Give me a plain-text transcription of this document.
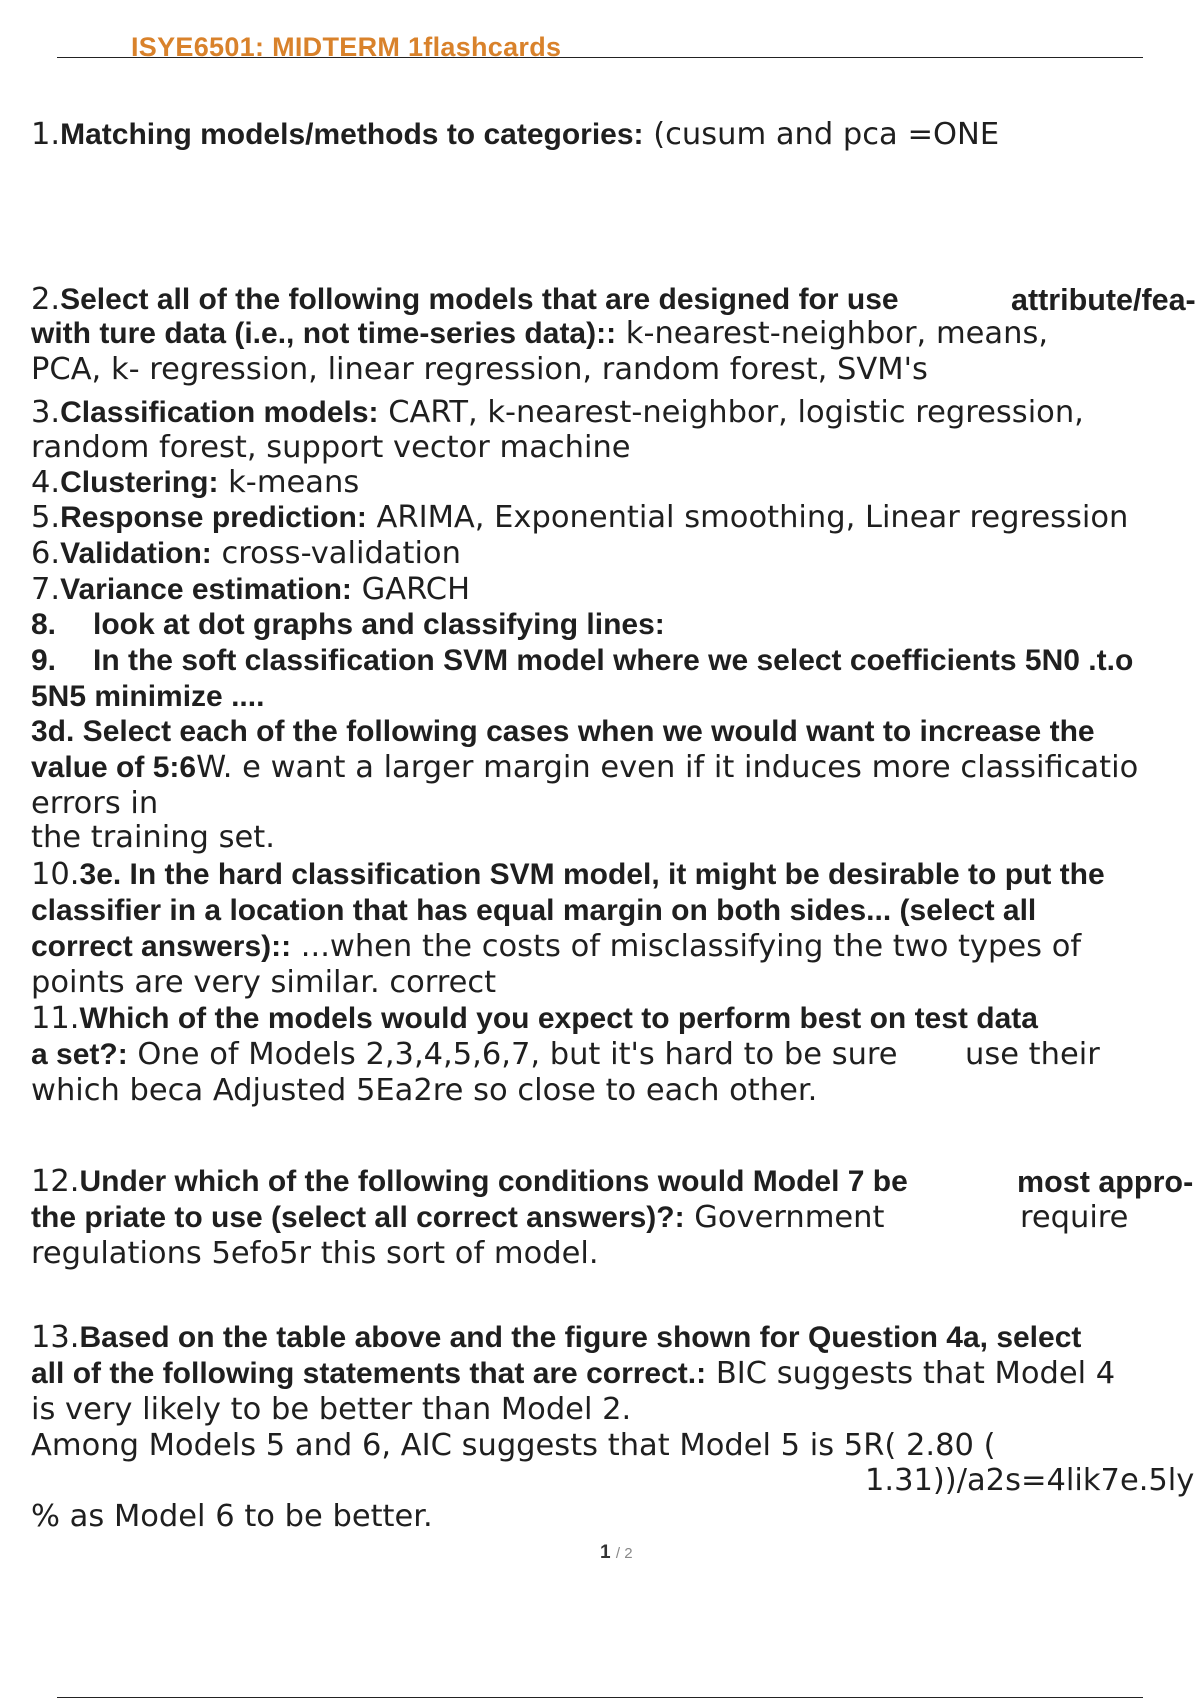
ISYE6501: MIDTERM 1flashcards
1.Matching models/methods to categories: (cusum and pca =ONE
2.Select all of the following models that are designed for use	attribute/fea-
with ture data (i.e., not time-series data):: k-nearest-neighbor, means,
PCA, k- regression, linear regression, random forest, SVM's
3.Classification models: CART, k-nearest-neighbor, logistic regression,
random forest, support vector machine
4.Clustering: k-means
5.Response prediction: ARIMA, Exponential smoothing, Linear regression
6.Validation: cross-validation
7.Variance estimation: GARCH
8. look at dot graphs and classifying lines:
9. In the soft classification SVM model where we select coefficients 5N0 .t.o
5N5 minimize ....
3d. Select each of the following cases when we would want to increase the
value of 5:6W. e want a larger margin even if it induces more classificatio
errors in
the training set.
10.3e. In the hard classification SVM model, it might be desirable to put the
classifier in a location that has equal margin on both sides... (select all
correct answers):: ...when the costs of misclassifying the two types of
points are very similar. correct
11.Which of the models would you expect to perform best on test data
a set?: One of Models 2,3,4,5,6,7, but it's hard to be sure use their
which beca Adjusted 5Ea2re so close to each other.
12.Under which of the following conditions would Model 7 be	most appro-
the priate to use (select all correct answers)?: Government	require
regulations 5efo5r this sort of model.
13.Based on the table above and the figure shown for Question 4a, select
all of the following statements that are correct.: BIC suggests that Model 4
is very likely to be better than Model 2.
Among Models 5 and 6, AIC suggests that Model 5 is 5R( 2.80 (
1.31))/a2s=4lik7e.5ly
% as Model 6 to be better.
1 / 2
